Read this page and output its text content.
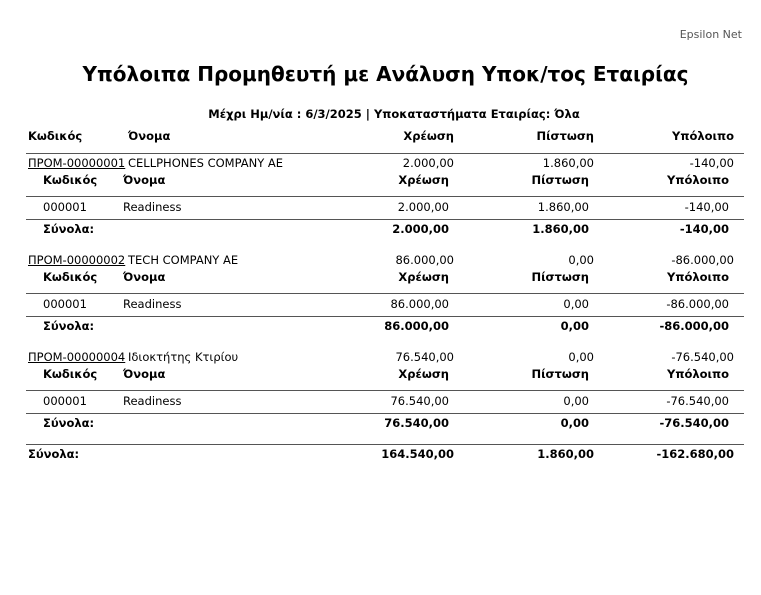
Epsilon Net
Υπόλοιπα Προμηθευτή με Ανάλυση Υποκ/τος Εταιρίας
Μέχρι Ημ/νία : 6/3/2025 | Υποκαταστήματα Εταιρίας: Όλα
Κωδικός	Όνομα	Χρέωση	Πίστωση	Υπόλοιπο
ΠΡΟΜ-00000001 CELLPHONES COMPANY AE	2.000,00	1.860,00	-140,00
Κωδικός Όνομα	Χρέωση	Πίστωση	Υπόλοιπο
000001	Readiness	2.000,00	1.860,00	-140,00
Σύνολα:	2.000,00	1.860,00	-140,00
ΠΡΟΜ-00000002 TECH COMPANY AE	86.000,00	0,00	-86.000,00
Κωδικός Όνομα	Χρέωση	Πίστωση	Υπόλοιπο
000001	Readiness	86.000,00	0,00	-86.000,00
Σύνολα:	86.000,00	0,00	-86.000,00
ΠΡΟΜ-00000004 Ιδιοκτήτης Κτιρίου	76.540,00	0,00	-76.540,00
Κωδικός Όνομα	Χρέωση	Πίστωση	Υπόλοιπο
000001	Readiness	76.540,00	0,00	-76.540,00
Σύνολα:	76.540,00	0,00	-76.540,00
Σύνολα:	164.540,00	1.860,00	-162.680,00
